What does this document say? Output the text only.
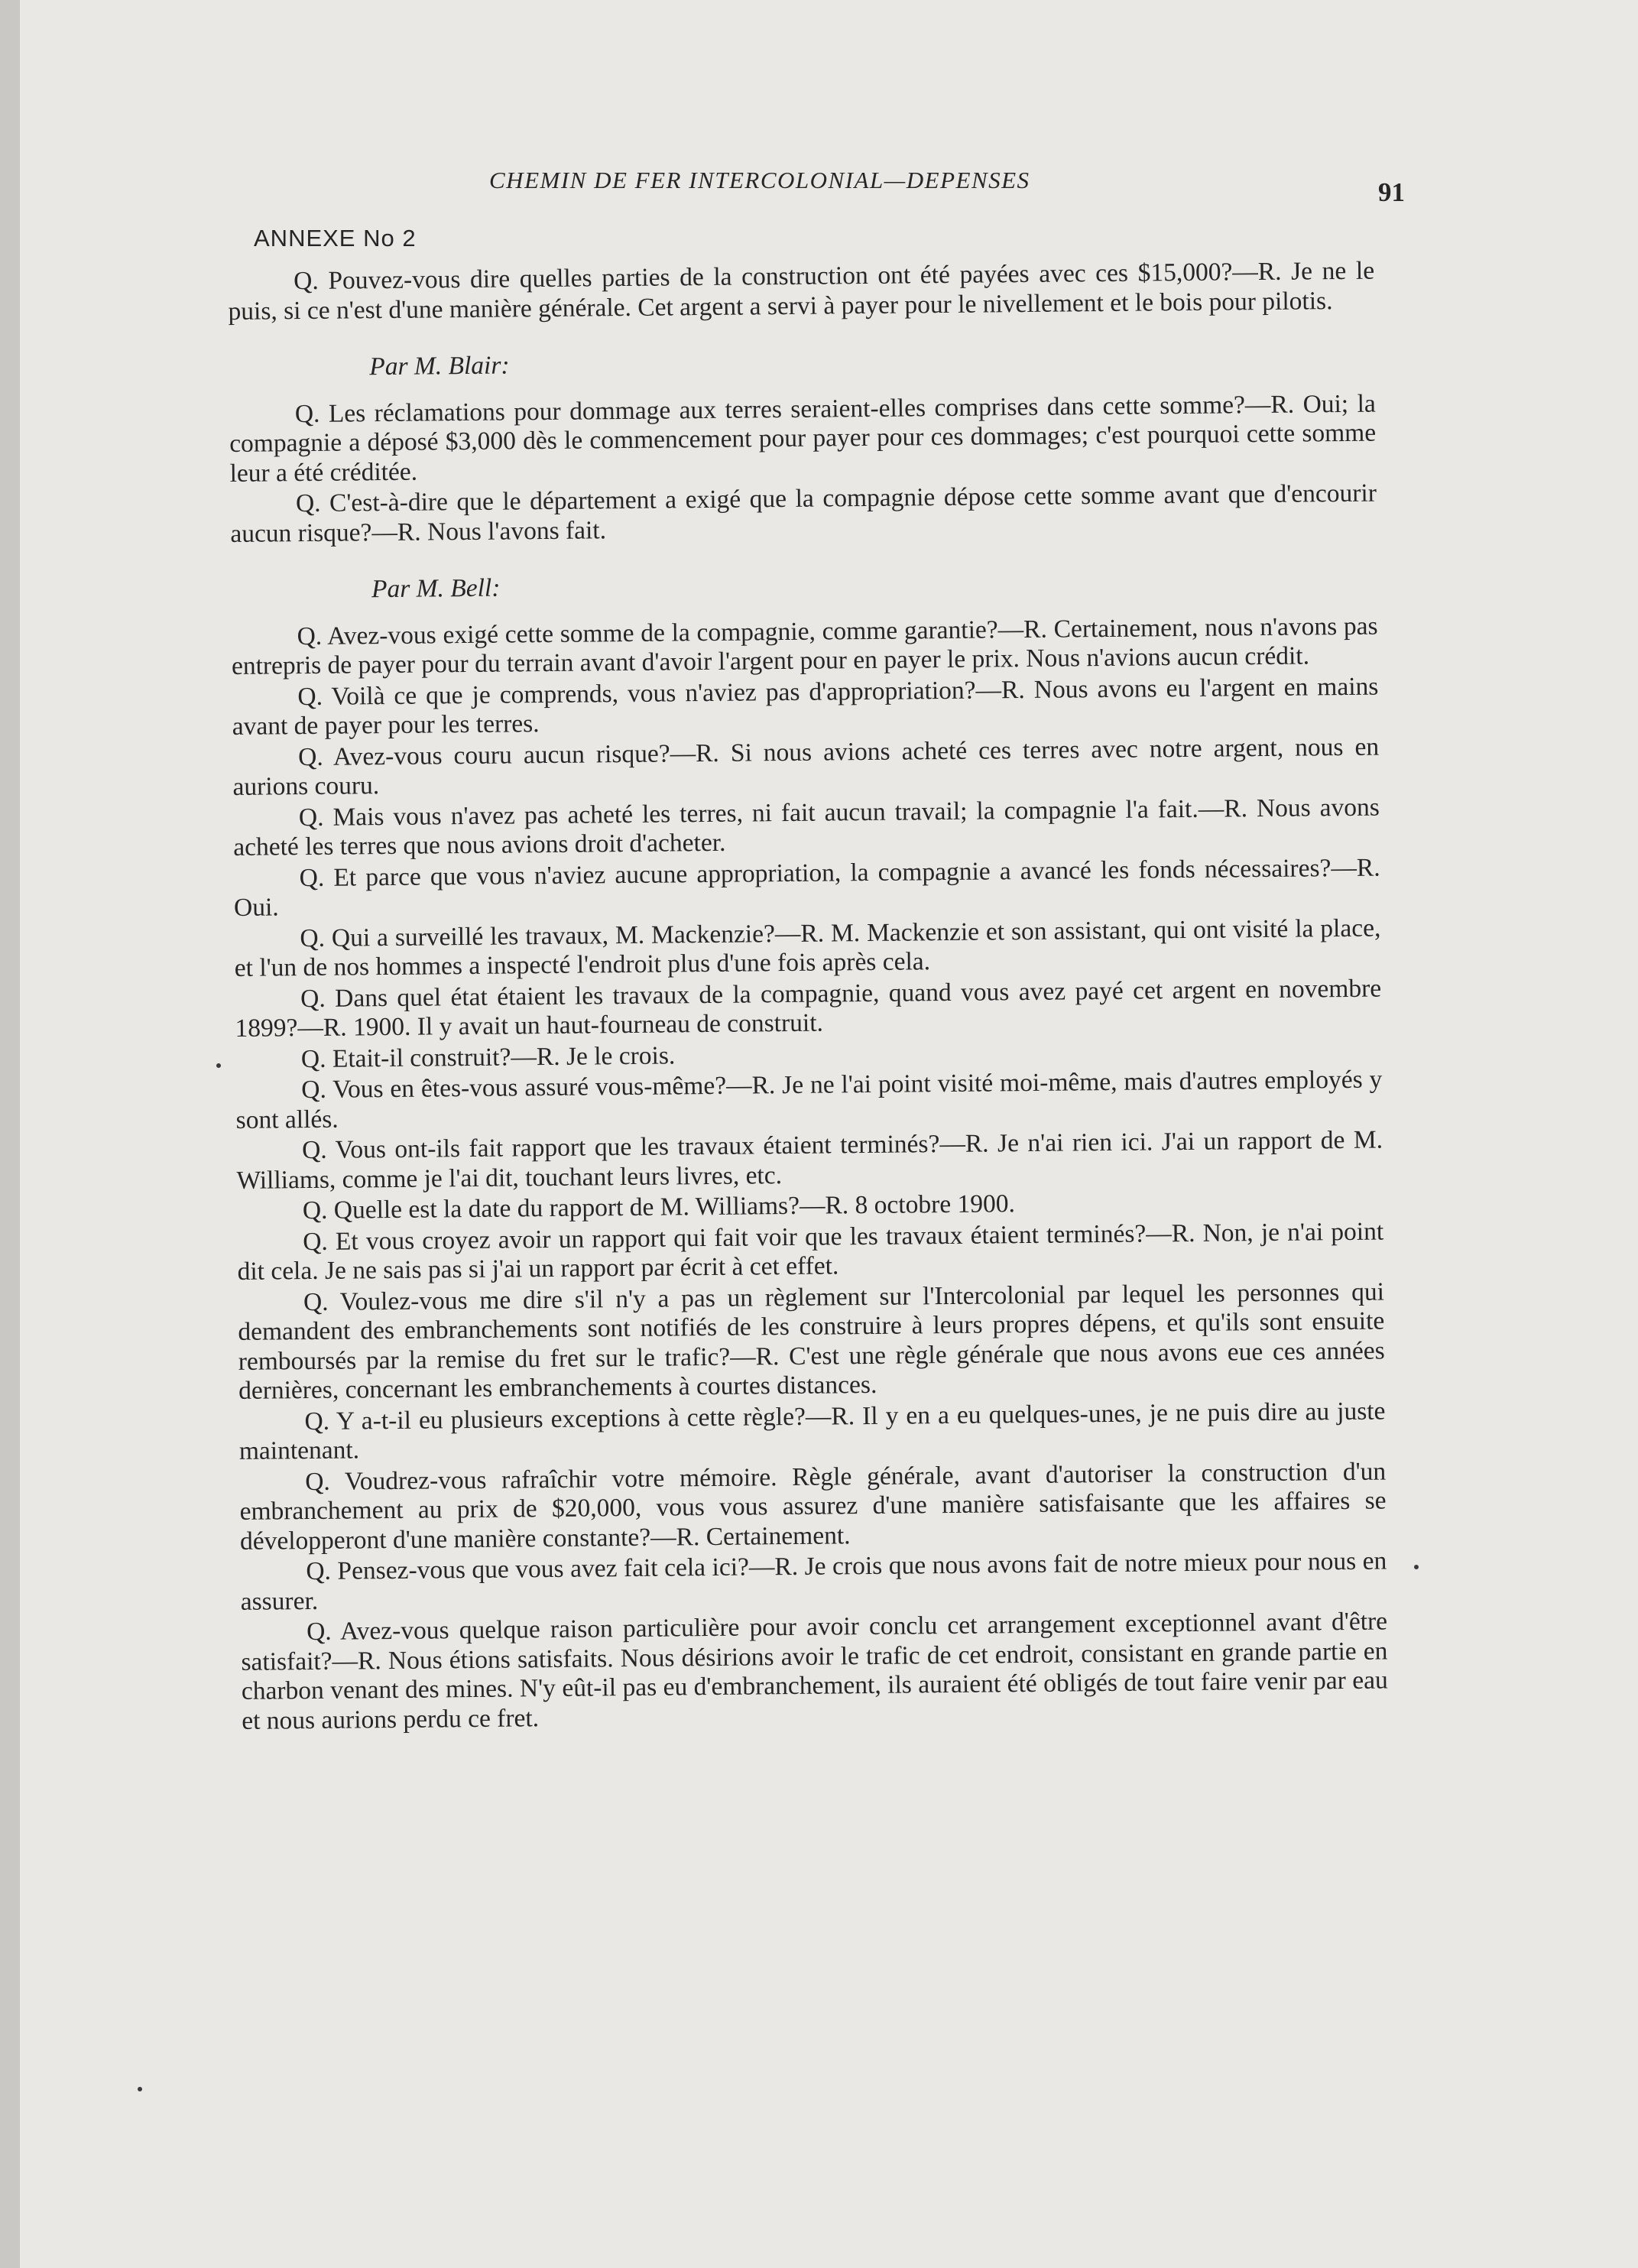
CHEMIN DE FER INTERCOLONIAL—DEPENSES	91
ANNEXE No 2

Q. Pouvez-vous dire quelles parties de la construction ont été payées avec ces $15,000?—R. Je ne le puis, si ce n'est d'une manière générale. Cet argent a servi à payer pour le nivellement et le bois pour pilotis.

Par M. Blair:

Q. Les réclamations pour dommage aux terres seraient-elles comprises dans cette somme?—R. Oui; la compagnie a déposé $3,000 dès le commencement pour payer pour ces dommages; c'est pourquoi cette somme leur a été créditée.

Q. C'est-à-dire que le département a exigé que la compagnie dépose cette somme avant que d'encourir aucun risque?—R. Nous l'avons fait.

Par M. Bell:

Q. Avez-vous exigé cette somme de la compagnie, comme garantie?—R. Certainement, nous n'avons pas entrepris de payer pour du terrain avant d'avoir l'argent pour en payer le prix. Nous n'avions aucun crédit.

Q. Voilà ce que je comprends, vous n'aviez pas d'appropriation?—R. Nous avons eu l'argent en mains avant de payer pour les terres.

Q. Avez-vous couru aucun risque?—R. Si nous avions acheté ces terres avec notre argent, nous en aurions couru.

Q. Mais vous n'avez pas acheté les terres, ni fait aucun travail; la compagnie l'a fait.—R. Nous avons acheté les terres que nous avions droit d'acheter.

Q. Et parce que vous n'aviez aucune appropriation, la compagnie a avancé les fonds nécessaires?—R. Oui.

Q. Qui a surveillé les travaux, M. Mackenzie?—R. M. Mackenzie et son assistant, qui ont visité la place, et l'un de nos hommes a inspecté l'endroit plus d'une fois après cela.

Q. Dans quel état étaient les travaux de la compagnie, quand vous avez payé cet argent en novembre 1899?—R. 1900. Il y avait un haut-fourneau de construit.

Q. Etait-il construit?—R. Je le crois.

Q. Vous en êtes-vous assuré vous-même?—R. Je ne l'ai point visité moi-même, mais d'autres employés y sont allés.

Q. Vous ont-ils fait rapport que les travaux étaient terminés?—R. Je n'ai rien ici. J'ai un rapport de M. Williams, comme je l'ai dit, touchant leurs livres, etc.

Q. Quelle est la date du rapport de M. Williams?—R. 8 octobre 1900.

Q. Et vous croyez avoir un rapport qui fait voir que les travaux étaient terminés?—R. Non, je n'ai point dit cela. Je ne sais pas si j'ai un rapport par écrit à cet effet.

Q. Voulez-vous me dire s'il n'y a pas un règlement sur l'Intercolonial par lequel les personnes qui demandent des embranchements sont notifiés de les construire à leurs propres dépens, et qu'ils sont ensuite remboursés par la remise du fret sur le trafic?—R. C'est une règle générale que nous avons eue ces années dernières, concernant les embranchements à courtes distances.

Q. Y a-t-il eu plusieurs exceptions à cette règle?—R. Il y en a eu quelques-unes, je ne puis dire au juste maintenant.

Q. Voudrez-vous rafraîchir votre mémoire. Règle générale, avant d'autoriser la construction d'un embranchement au prix de $20,000, vous vous assurez d'une manière satisfaisante que les affaires se développeront d'une manière constante?—R. Certainement.

Q. Pensez-vous que vous avez fait cela ici?—R. Je crois que nous avons fait de notre mieux pour nous en assurer.

Q. Avez-vous quelque raison particulière pour avoir conclu cet arrangement exceptionnel avant d'être satisfait?—R. Nous étions satisfaits. Nous désirions avoir le trafic de cet endroit, consistant en grande partie en charbon venant des mines. N'y eût-il pas eu d'embranchement, ils auraient été obligés de tout faire venir par eau et nous aurions perdu ce fret.
